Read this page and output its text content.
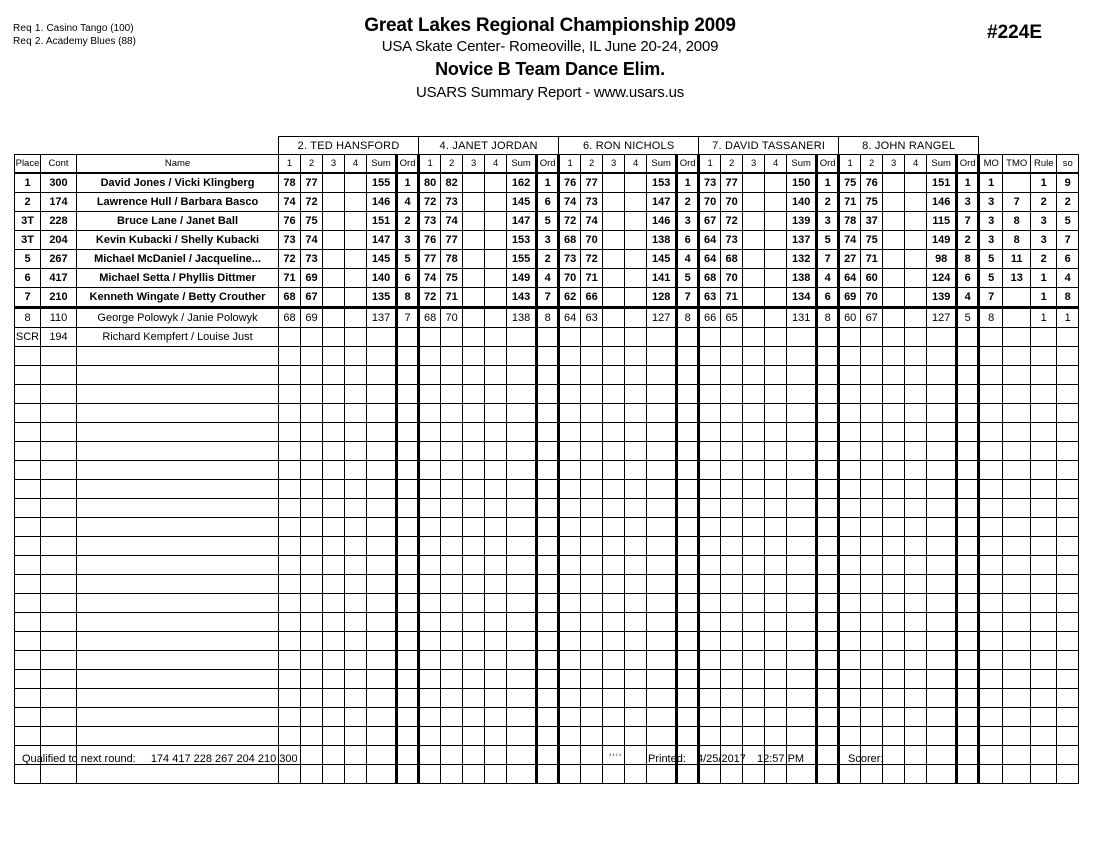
Req 1. Casino Tango (100)
Req 2. Academy Blues (88)
Great Lakes Regional Championship 2009
USA Skate Center- Romeoville, IL June 20-24, 2009
Novice B Team Dance Elim.
USARS Summary Report - www.usars.us
#224E
			2. TED HANSFORD						4. JANET JORDAN						6. RON NICHOLS						7. DAVID TASSANERI						8. JOHN RANGEL									
Place	Cont	Name	1	2	3	4	Sum	Ord	1	2	3	4	Sum	Ord	1	2	3	4	Sum	Ord	1	2	3	4	Sum	Ord	1	2	3	4	Sum	Ord	MO	TMO	Rule	so
1	300	David Jones / Vicki Klingberg	78	77			155	1	80	82			162	1	76	77			153	1	73	77			150	1	75	76			151	1	1		1	9
2	174	Lawrence Hull / Barbara Basco	74	72			146	4	72	73			145	6	74	73			147	2	70	70			140	2	71	75			146	3	3	7	2	2
3T	228	Bruce Lane / Janet Ball	76	75			151	2	73	74			147	5	72	74			146	3	67	72			139	3	78	37			115	7	3	8	3	5
3T	204	Kevin Kubacki / Shelly Kubacki	73	74			147	3	76	77			153	3	68	70			138	6	64	73			137	5	74	75			149	2	3	8	3	7
5	267	Michael McDaniel / Jacqueline...	72	73			145	5	77	78			155	2	73	72			145	4	64	68			132	7	27	71			98	8	5	11	2	6
6	417	Michael Setta / Phyllis Dittmer	71	69			140	6	74	75			149	4	70	71			141	5	68	70			138	4	64	60			124	6	5	13	1	4
7	210	Kenneth Wingate / Betty Crouther	68	67			135	8	72	71			143	7	62	66			128	7	63	71			134	6	69	70			139	4	7		1	8
8	110	George Polowyk / Janie Polowyk	68	69			137	7	68	70			138	8	64	63			127	8	66	65			131	8	60	67			127	5	8		1	1
SCR	194	Richard Kempfert / Louise Just																																		

Qualified to next round: 174 417 228 267 204 210 300	3414 Printed: 4/25/2017 12:57 PM	Scorer:
